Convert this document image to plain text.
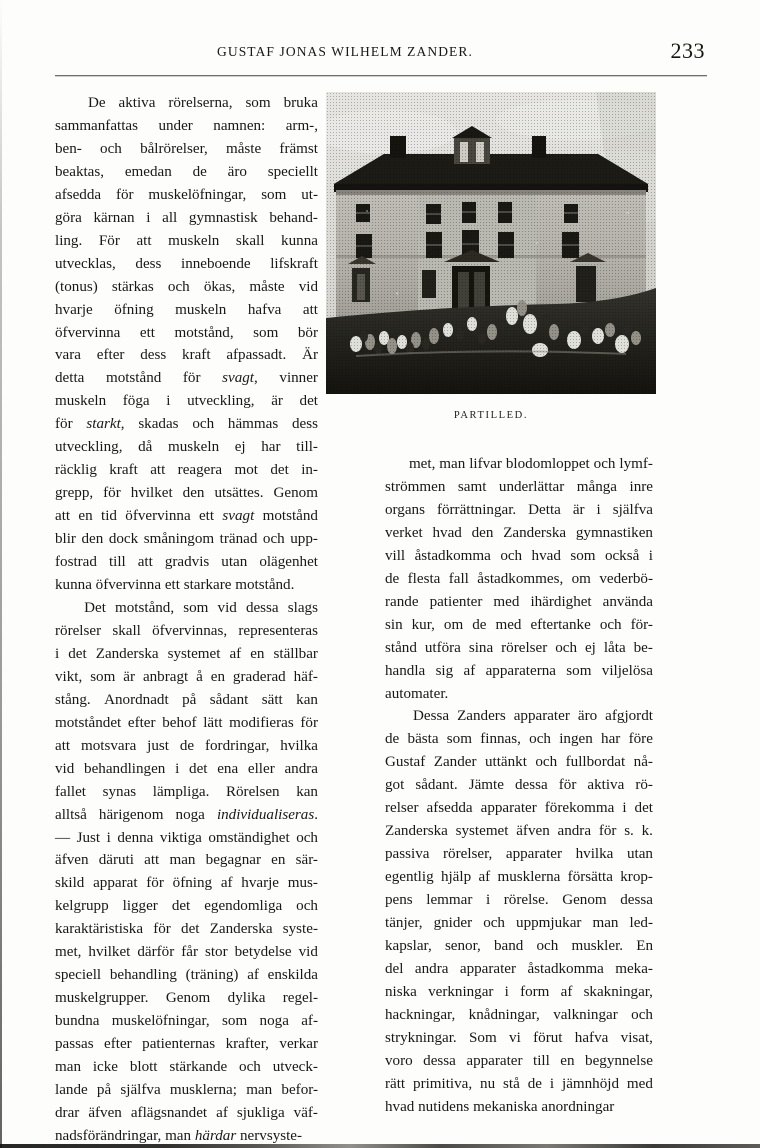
GUSTAF JONAS WILHELM ZANDER.	233
PARTILLED.

De aktiva rörelserna, som bruka
sammanfattas under namnen: arm-,
ben- och bålrörelser, måste främst
beaktas, emedan de äro speciellt
afsedda för muskelöfningar, som ut-
göra kärnan i all gymnastisk behand-
ling. För att muskeln skall kunna
utvecklas, dess inneboende lifskraft
(tonus) stärkas och ökas, måste vid
hvarje öfning muskeln hafva att
öfvervinna ett motstånd, som bör
vara efter dess kraft afpassadt. Är
detta motstånd för svagt, vinner
muskeln föga i utveckling, är det
för starkt, skadas och hämmas dess
utveckling, då muskeln ej har till-
räcklig kraft att reagera mot det in-
grepp, för hvilket den utsättes. Genom
att en tid öfvervinna ett svagt motstånd
blir den dock småningom tränad och upp-
fostrad till att gradvis utan olägenhet
kunna öfvervinna ett starkare motstånd.

Det motstånd, som vid dessa slags
rörelser skall öfvervinnas, representeras
i det Zanderska systemet af en ställbar
vikt, som är anbragt å en graderad häf-
stång. Anordnadt på sådant sätt kan
motståndet efter behof lätt modifieras för
att motsvara just de fordringar, hvilka
vid behandlingen i det ena eller andra
fallet synas lämpliga. Rörelsen kan
alltså härigenom noga individualiseras.
— Just i denna viktiga omständighet och
äfven däruti att man begagnar en sär-
skild apparat för öfning af hvarje mus-
kelgrupp ligger det egendomliga och
karaktäristiska för det Zanderska syste-
met, hvilket därför får stor betydelse vid
speciell behandling (träning) af enskilda
muskelgrupper. Genom dylika regel-
bundna muskelöfningar, som noga af-
passas efter patienternas krafter, verkar
man icke blott stärkande och utveck-
lande på själfva musklerna; man befor-
drar äfven aflägsnandet af sjukliga väf-
nadsförändringar, man härdar nervsyste-

met, man lifvar blodomloppet och lymf-
strömmen samt underlättar många inre
organs förrättningar. Detta är i själfva
verket hvad den Zanderska gymnastiken
vill åstadkomma och hvad som också i
de flesta fall åstadkommes, om vederbö-
rande patienter med ihärdighet använda
sin kur, om de med eftertanke och för-
stånd utföra sina rörelser och ej låta be-
handla sig af apparaterna som viljelösa
automater.

Dessa Zanders apparater äro afgjordt
de bästa som finnas, och ingen har före
Gustaf Zander uttänkt och fullbordat nå-
got sådant. Jämte dessa för aktiva rö-
relser afsedda apparater förekomma i det
Zanderska systemet äfven andra för s. k.
passiva rörelser, apparater hvilka utan
egentlig hjälp af musklerna försätta krop-
pens lemmar i rörelse. Genom dessa
tänjer, gnider och uppmjukar man led-
kapslar, senor, band och muskler. En
del andra apparater åstadkomma meka-
niska verkningar i form af skakningar,
hackningar, knådningar, valkningar och
strykningar. Som vi förut hafva visat,
voro dessa apparater till en begynnelse
rätt primitiva, nu stå de i jämnhöjd med
hvad nutidens mekaniska anordningar
